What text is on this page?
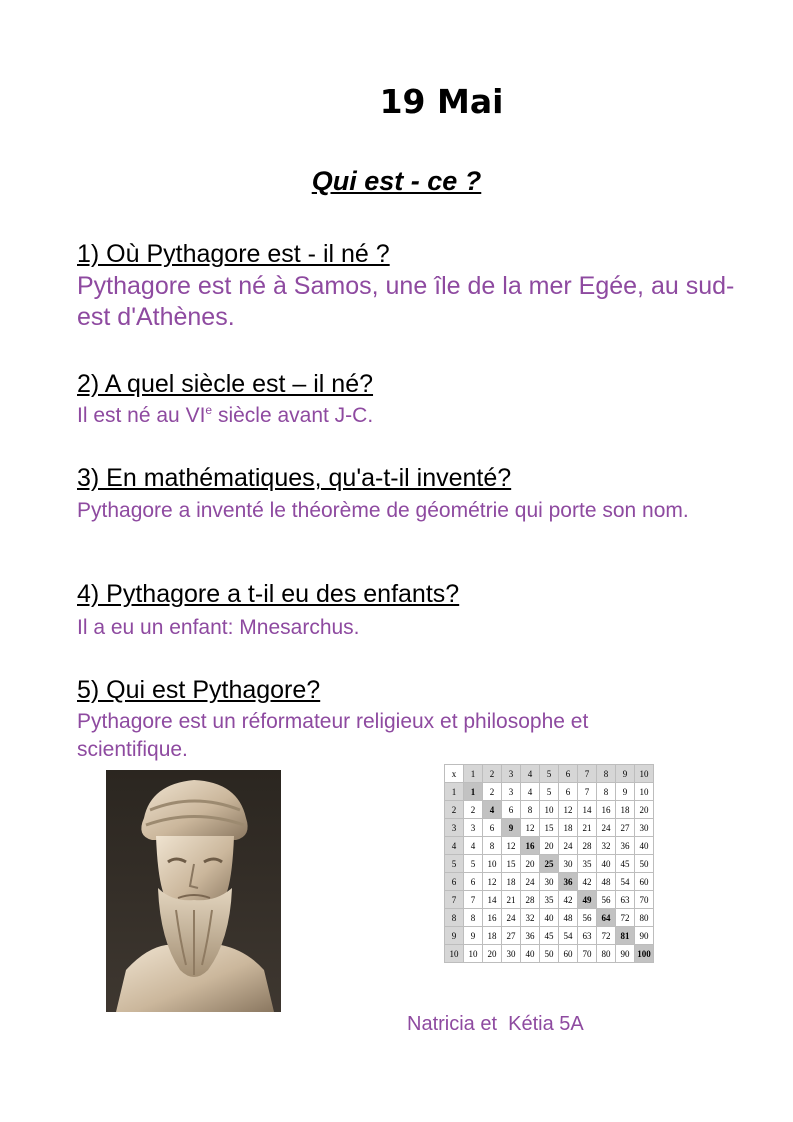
19 Mai
Qui est - ce ?
1) Où Pythagore est - il né ?
Pythagore est né à Samos, une île de la mer Egée, au sud-est d'Athènes.
2) A quel siècle est – il né?
Il est né au VIe siècle avant J-C.
3) En mathématiques, qu'a-t-il inventé?
Pythagore a inventé le théorème de géométrie qui porte son nom.
4) Pythagore a t-il eu des enfants?
Il a eu un enfant: Mnesarchus.
5) Qui est Pythagore?
Pythagore est un réformateur religieux et philosophe et scientifique.
x	1	2	3	4	5	6	7	8	9	10
1	1	2	3	4	5	6	7	8	9	10
2	2	4	6	8	10	12	14	16	18	20
3	3	6	9	12	15	18	21	24	27	30
4	4	8	12	16	20	24	28	32	36	40
5	5	10	15	20	25	30	35	40	45	50
6	6	12	18	24	30	36	42	48	54	60
7	7	14	21	28	35	42	49	56	63	70
8	8	16	24	32	40	48	56	64	72	80
9	9	18	27	36	45	54	63	72	81	90
10	10	20	30	40	50	60	70	80	90	100
Natricia et  Kétia 5A
